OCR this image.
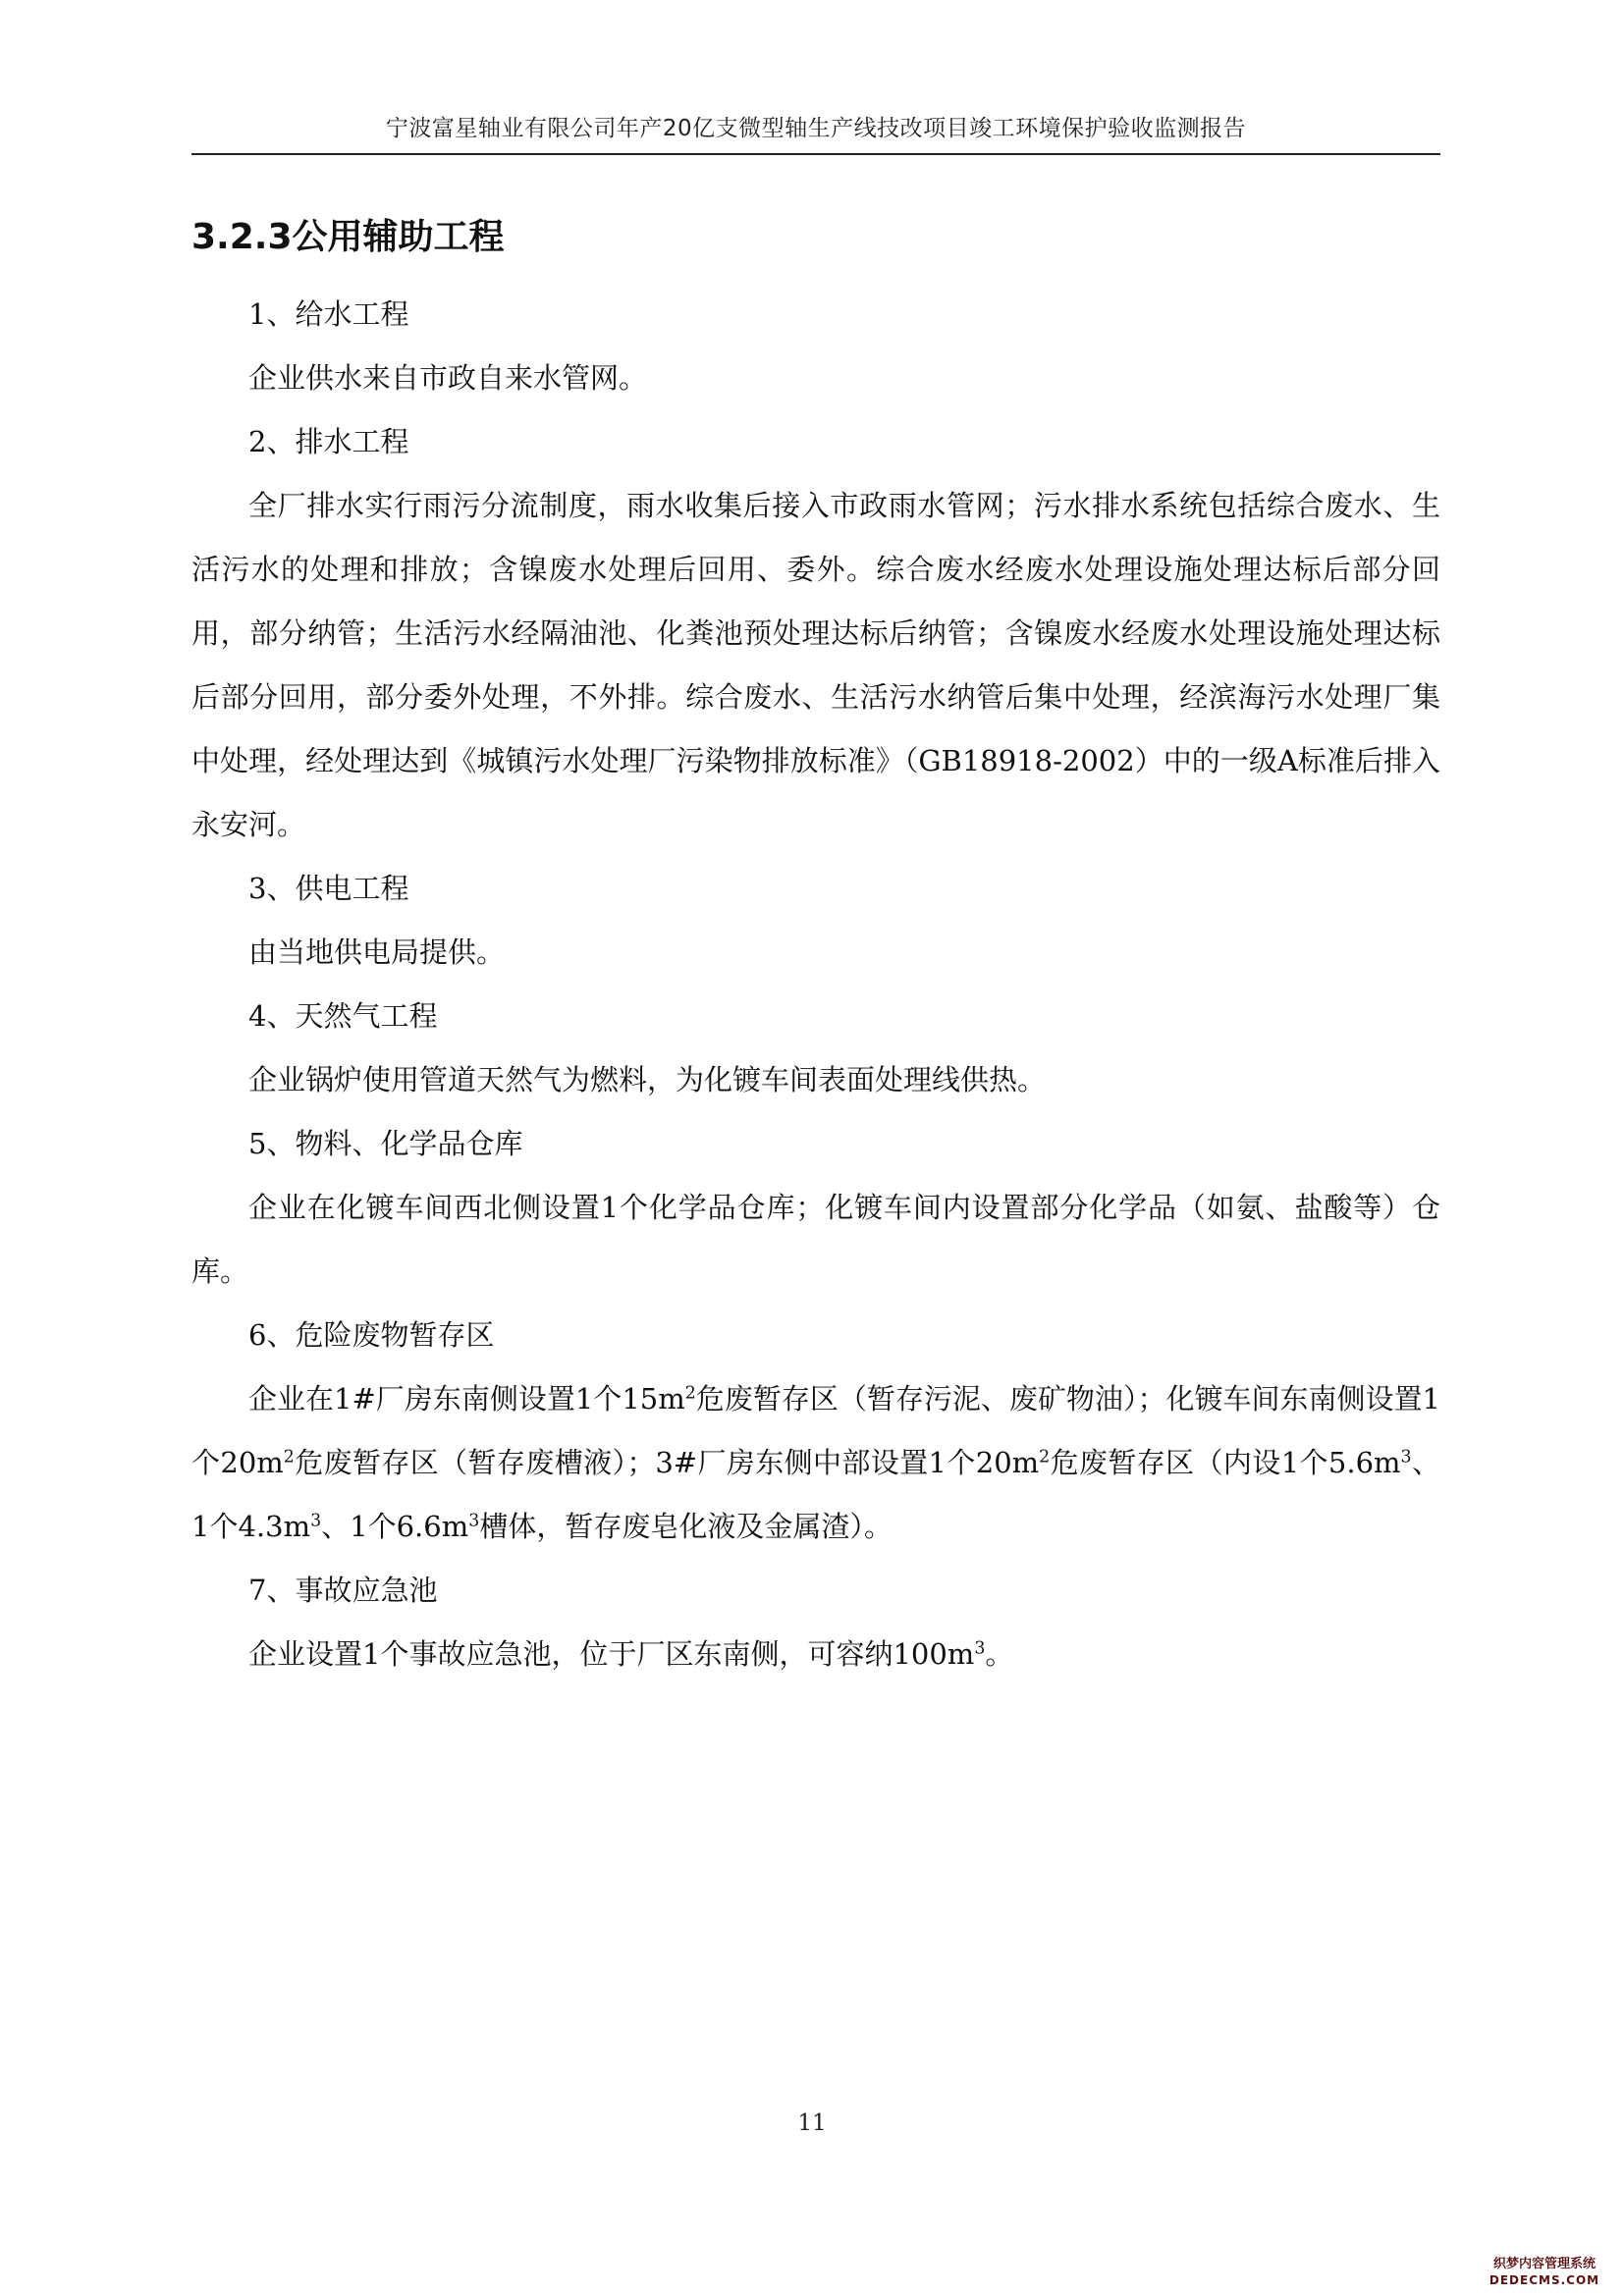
宁波富星轴业有限公司年产20亿支微型轴生产线技改项目竣工环境保护验收监测报告
3.2.3公用辅助工程

1、给水工程

企业供水来自市政自来水管网。

2、排水工程

全厂排水实行雨污分流制度，雨水收集后接入市政雨水管网；污水排水系统包括综合废水、生活污水的处理和排放；含镍废水处理后回用、委外。综合废水经废水处理设施处理达标后部分回用，部分纳管；生活污水经隔油池、化粪池预处理达标后纳管；含镍废水经废水处理设施处理达标后部分回用，部分委外处理，不外排。综合废水、生活污水纳管后集中处理，经滨海污水处理厂集中处理，经处理达到《城镇污水处理厂污染物排放标准》（GB18918-2002）中的一级A标准后排入永安河。

3、供电工程

由当地供电局提供。

4、天然气工程

企业锅炉使用管道天然气为燃料，为化镀车间表面处理线供热。

5、物料、化学品仓库

企业在化镀车间西北侧设置1个化学品仓库；化镀车间内设置部分化学品（如氨、盐酸等）仓库。

6、危险废物暂存区

企业在1#厂房东南侧设置1个$15m^2$危废暂存区（暂存污泥、废矿物油）；化镀车间东南侧设置1个$20m^2$危废暂存区（暂存废槽液）；3#厂房东侧中部设置1个$20m^2$危废暂存区（内设1个$5.6m^3$、1个$4.3m^3$、1个$6.6m^3$槽体，暂存废皂化液及金属渣）。

7、事故应急池

企业设置1个事故应急池，位于厂区东南侧，可容纳$100m^3$。

11
织梦内容管理系统
DEDECMS.COM
